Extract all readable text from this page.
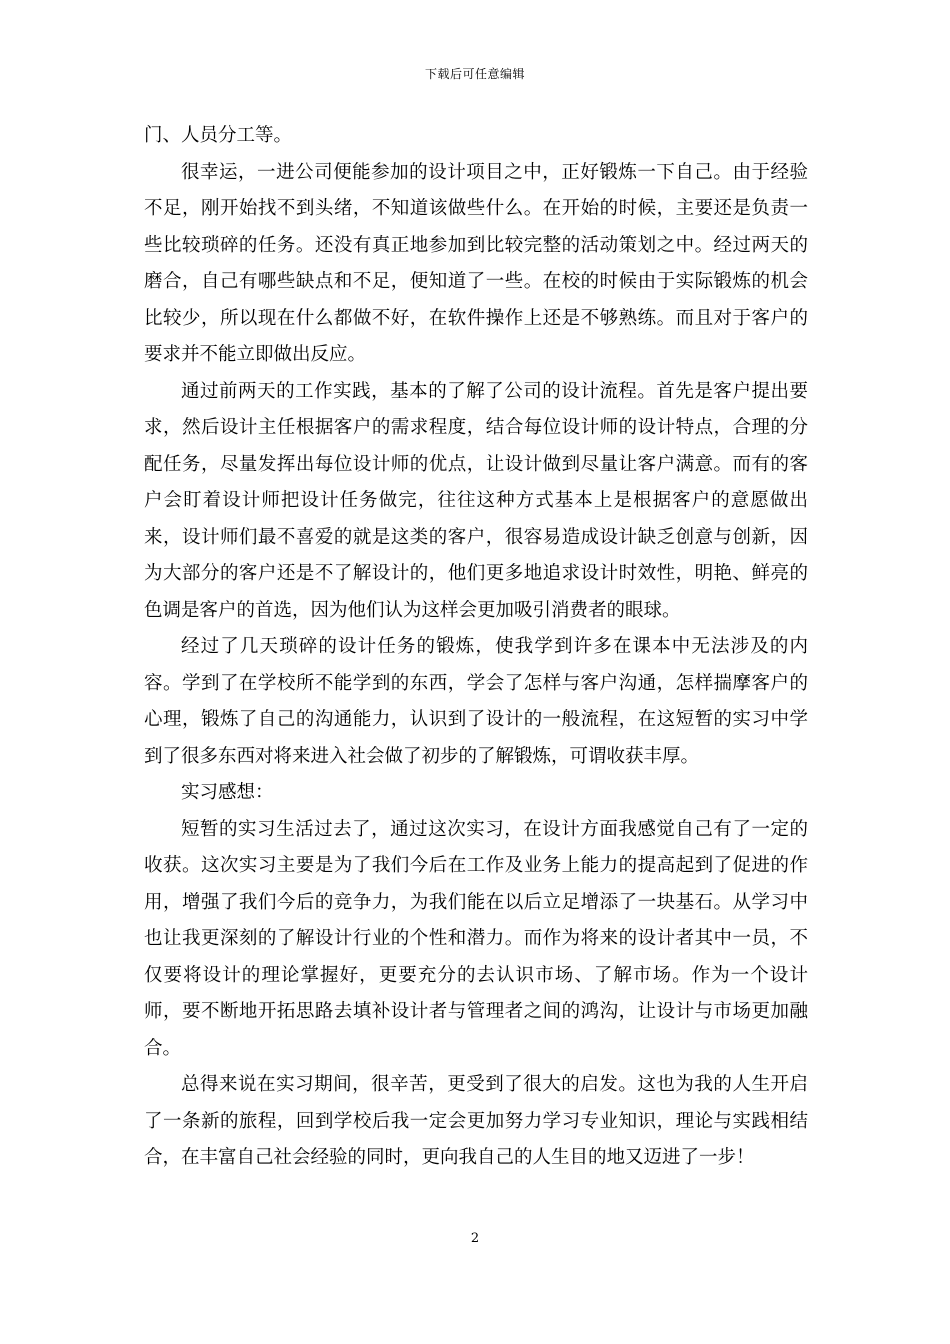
下载后可任意编辑

门、人员分工等。

很幸运，一进公司便能参加的设计项目之中，正好锻炼一下自己。由于经验不足，刚开始找不到头绪，不知道该做些什么。在开始的时候，主要还是负责一些比较琐碎的任务。还没有真正地参加到比较完整的活动策划之中。经过两天的磨合，自己有哪些缺点和不足，便知道了一些。在校的时候由于实际锻炼的机会比较少，所以现在什么都做不好，在软件操作上还是不够熟练。而且对于客户的要求并不能立即做出反应。

通过前两天的工作实践，基本的了解了公司的设计流程。首先是客户提出要求，然后设计主任根据客户的需求程度，结合每位设计师的设计特点，合理的分配任务，尽量发挥出每位设计师的优点，让设计做到尽量让客户满意。而有的客户会盯着设计师把设计任务做完，往往这种方式基本上是根据客户的意愿做出来，设计师们最不喜爱的就是这类的客户，很容易造成设计缺乏创意与创新，因为大部分的客户还是不了解设计的，他们更多地追求设计时效性，明艳、鲜亮的色调是客户的首选，因为他们认为这样会更加吸引消费者的眼球。

经过了几天琐碎的设计任务的锻炼，使我学到许多在课本中无法涉及的内容。学到了在学校所不能学到的东西，学会了怎样与客户沟通，怎样揣摩客户的心理，锻炼了自己的沟通能力，认识到了设计的一般流程，在这短暂的实习中学到了很多东西对将来进入社会做了初步的了解锻炼，可谓收获丰厚。

实习感想：

短暂的实习生活过去了，通过这次实习，在设计方面我感觉自己有了一定的收获。这次实习主要是为了我们今后在工作及业务上能力的提高起到了促进的作用，增强了我们今后的竞争力，为我们能在以后立足增添了一块基石。从学习中也让我更深刻的了解设计行业的个性和潜力。而作为将来的设计者其中一员，不仅要将设计的理论掌握好，更要充分的去认识市场、了解市场。作为一个设计师，要不断地开拓思路去填补设计者与管理者之间的鸿沟，让设计与市场更加融合。

总得来说在实习期间，很辛苦，更受到了很大的启发。这也为我的人生开启了一条新的旅程，回到学校后我一定会更加努力学习专业知识，理论与实践相结合，在丰富自己社会经验的同时，更向我自己的人生目的地又迈进了一步！

2
